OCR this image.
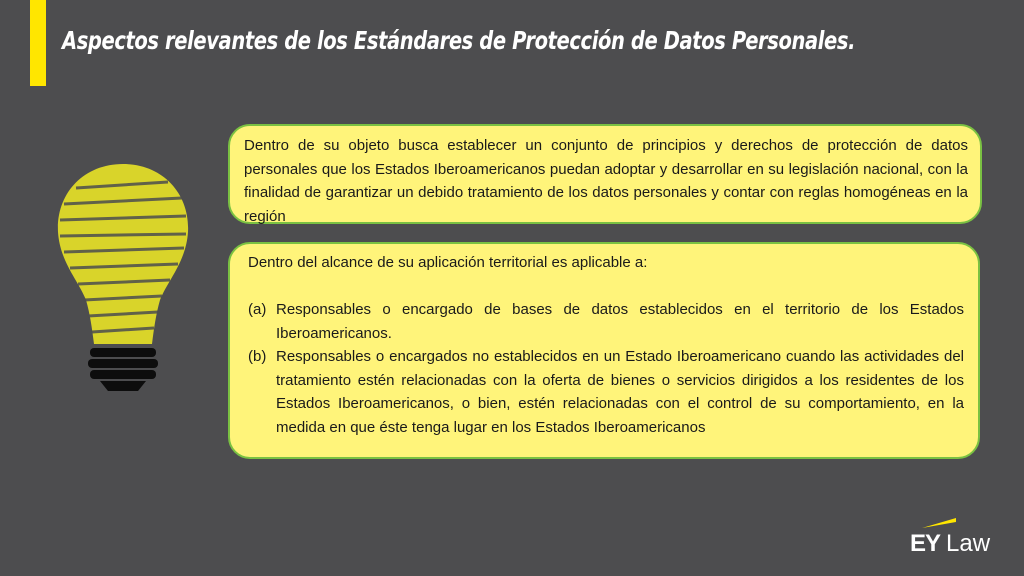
Aspectos relevantes de los Estándares de Protección de Datos Personales.
Dentro de su objeto busca establecer un conjunto de principios y derechos de protección de datos personales que los Estados Iberoamericanos puedan adoptar y desarrollar en su legislación nacional, con la finalidad de garantizar un debido tratamiento de los datos personales y contar con reglas homogéneas en la región

Dentro del alcance de su aplicación territorial es aplicable a:

(a) Responsables o encargado de bases de datos establecidos en el territorio de los Estados Iberoamericanos.
(b) Responsables o encargados no establecidos en un Estado Iberoamericano cuando las actividades del tratamiento estén relacionadas con la oferta de bienes o servicios dirigidos a los residentes de los Estados Iberoamericanos, o bien, estén relacionadas con el control de su comportamiento, en la medida en que éste tenga lugar en los Estados Iberoamericanos
EY Law
